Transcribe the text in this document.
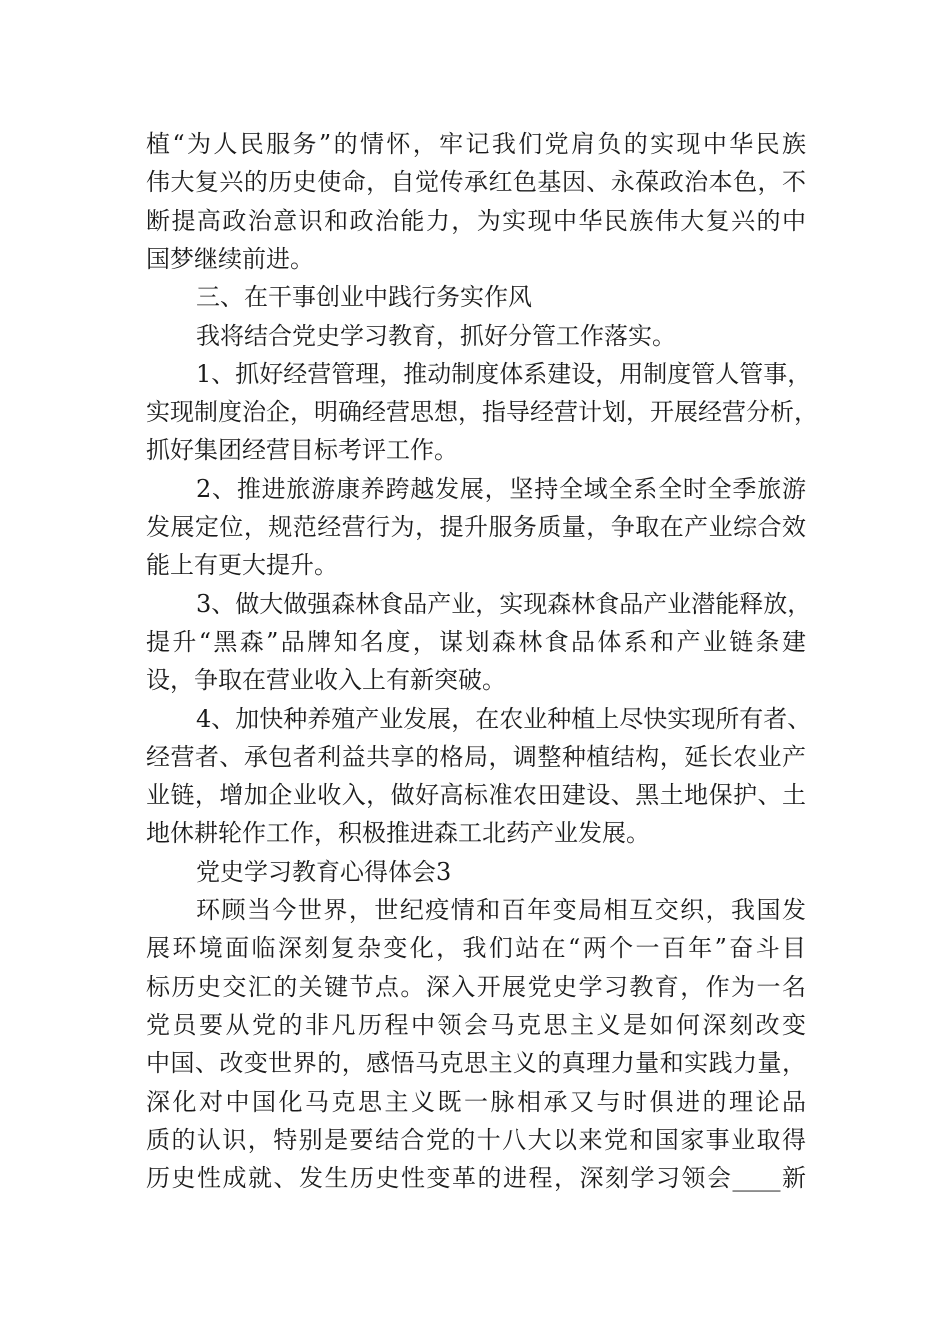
植“为人民服务”的情怀，牢记我们党肩负的实现中华民族
伟大复兴的历史使命，自觉传承红色基因、永葆政治本色，不
断提高政治意识和政治能力，为实现中华民族伟大复兴的中
国梦继续前进。
三、在干事创业中践行务实作风
我将结合党史学习教育，抓好分管工作落实。
1、抓好经营管理，推动制度体系建设，用制度管人管事，
实现制度治企，明确经营思想，指导经营计划，开展经营分析，
抓好集团经营目标考评工作。
2、推进旅游康养跨越发展，坚持全域全系全时全季旅游
发展定位，规范经营行为，提升服务质量，争取在产业综合效
能上有更大提升。
3、做大做强森林食品产业，实现森林食品产业潜能释放，
提升“黑森”品牌知名度，谋划森林食品体系和产业链条建
设，争取在营业收入上有新突破。
4、加快种养殖产业发展，在农业种植上尽快实现所有者、
经营者、承包者利益共享的格局，调整种植结构，延长农业产
业链，增加企业收入，做好高标准农田建设、黑土地保护、土
地休耕轮作工作，积极推进森工北药产业发展。
党史学习教育心得体会3
环顾当今世界，世纪疫情和百年变局相互交织，我国发
展环境面临深刻复杂变化，我们站在“两个一百年”奋斗目
标历史交汇的关键节点。深入开展党史学习教育，作为一名
党员要从党的非凡历程中领会马克思主义是如何深刻改变
中国、改变世界的，感悟马克思主义的真理力量和实践力量，
深化对中国化马克思主义既一脉相承又与时俱进的理论品
质的认识，特别是要结合党的十八大以来党和国家事业取得
历史性成就、发生历史性变革的进程，深刻学习领会____新
